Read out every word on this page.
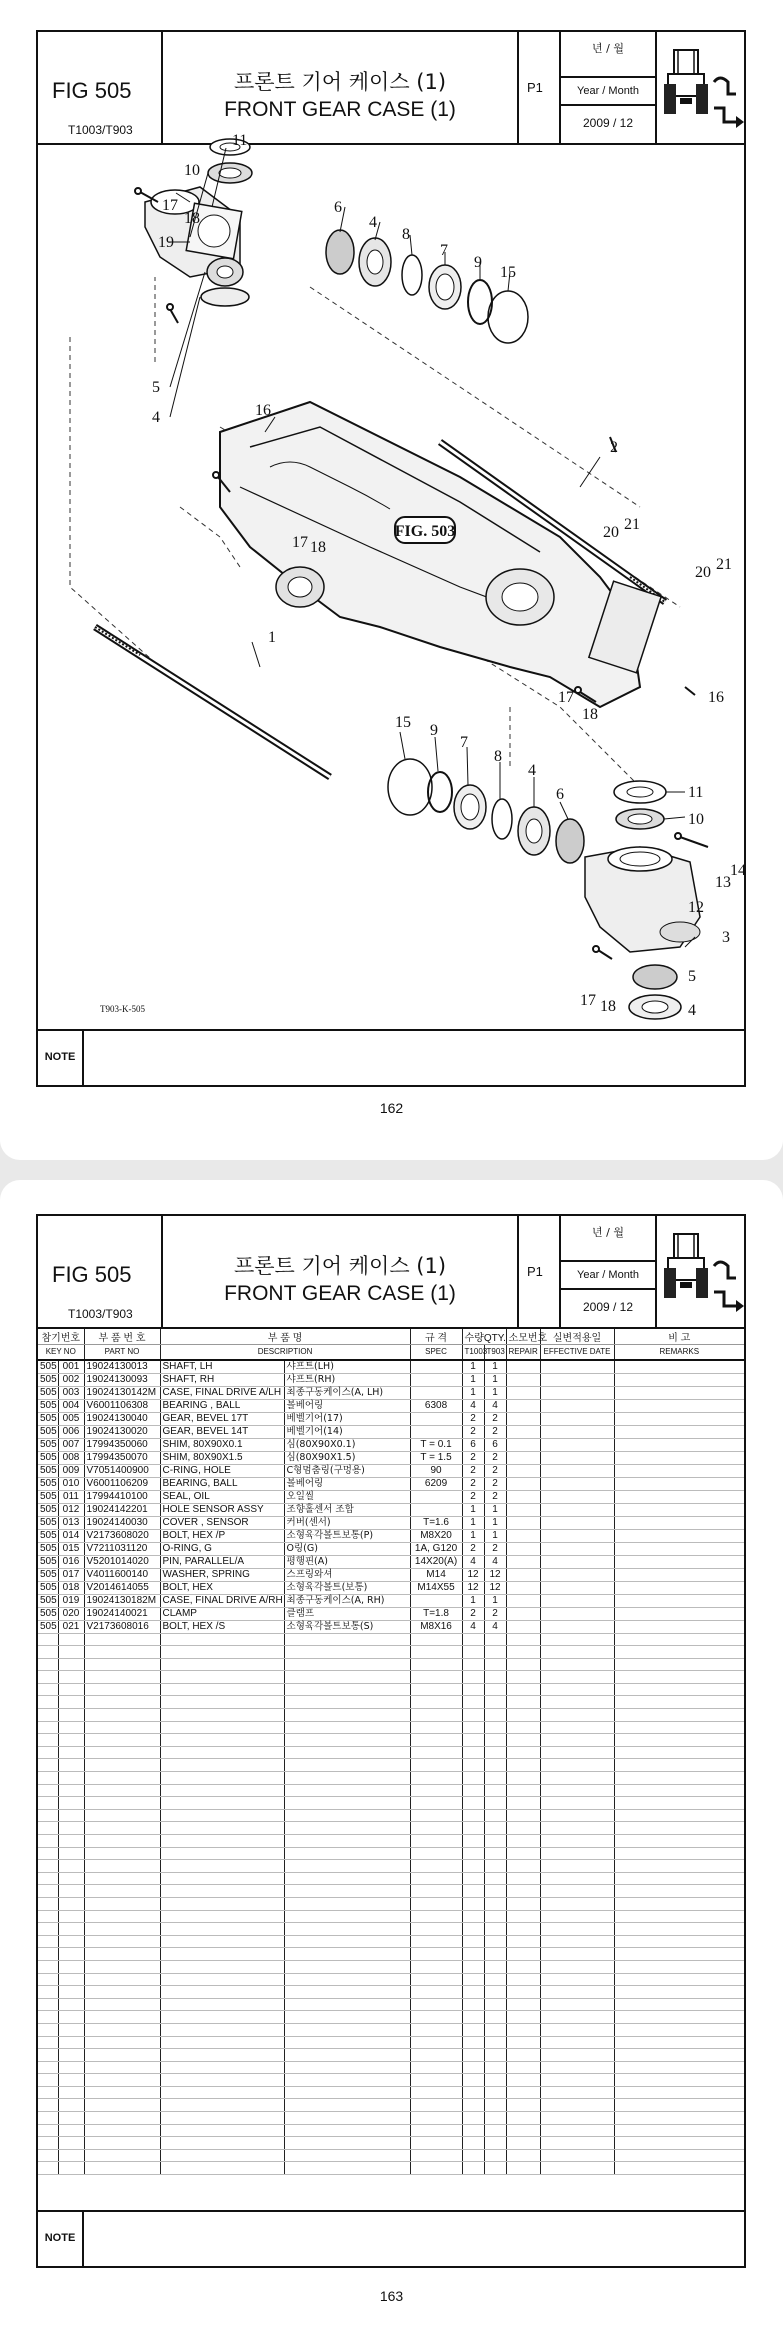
FIG 505
T1003/T903
프론트 기어 케이스 (1)
FRONT GEAR CASE (1)
P1
년 / 월
Year / Month
2009 / 12
FIG. 503
11
10
17
18
19
6
4
8
7
9
15
5
4	16
2
17 18
1
20 21
20 21
16
15 9
7
8
4
6
17
18
11
10
13
14
12
3
17 18
5
4
T903-K-505
NOTE
162
FIG 505
T1003/T903
프론트 기어 케이스 (1)
FRONT GEAR CASE (1)
P1
년 / 월
Year / Month
2009 / 12
참기번호		부 품 번 호	부 품 명		규 격	수량QTY.		소모번호	실변적용일	비 고
KEY NO		PART NO	DESCRIPTION		SPEC	T1003	T903	REPAIR	EFFECTIVE DATE	REMARKS
505	001	19024130013	SHAFT, LH	샤프트(LH)		1	1			
505	002	19024130093	SHAFT, RH	샤프트(RH)		1	1			
505	003	19024130142M	CASE, FINAL DRIVE A/LH	최종구동케이스(A, LH)		1	1			
505	004	V6001106308	BEARING , BALL	볼베어링	6308	4	4			
505	005	19024130040	GEAR, BEVEL 17T	베벨기어(17)		2	2			
505	006	19024130020	GEAR, BEVEL 14T	베벨기어(14)		2	2			
505	007	17994350060	SHIM, 80X90X0.1	심(80X90X0.1)	T = 0.1	6	6			
505	008	17994350070	SHIM, 80X90X1.5	심(80X90X1.5)	T = 1.5	2	2			
505	009	V7051400900	C-RING, HOLE	C형멈춤링(구멍용)	90	2	2			
505	010	V6001106209	BEARING, BALL	볼베어링	6209	2	2			
505	011	17994410100	SEAL, OIL	오일씰		2	2			
505	012	19024142201	HOLE SENSOR ASSY	조향홀센서 조합		1	1			
505	013	19024140030	COVER , SENSOR	커버(센서)	T=1.6	1	1			
505	014	V2173608020	BOLT, HEX /P	소형육각볼트보통(P)	M8X20	1	1			
505	015	V7211031120	O-RING, G	O링(G)	1A, G120	2	2			
505	016	V5201014020	PIN, PARALLEL/A	평행핀(A)	14X20(A)	4	4			
505	017	V4011600140	WASHER, SPRING	스프링와셔	M14	12	12			
505	018	V2014614055	BOLT, HEX	소형육각볼트(보통)	M14X55	12	12			
505	019	19024130182M	CASE, FINAL DRIVE A/RH	최종구동케이스(A, RH)		1	1			
505	020	19024140021	CLAMP	클램프	T=1.8	2	2			
505	021	V2173608016	BOLT, HEX /S	소형육각볼트보통(S)	M8X16	4	4			

NOTE
163
